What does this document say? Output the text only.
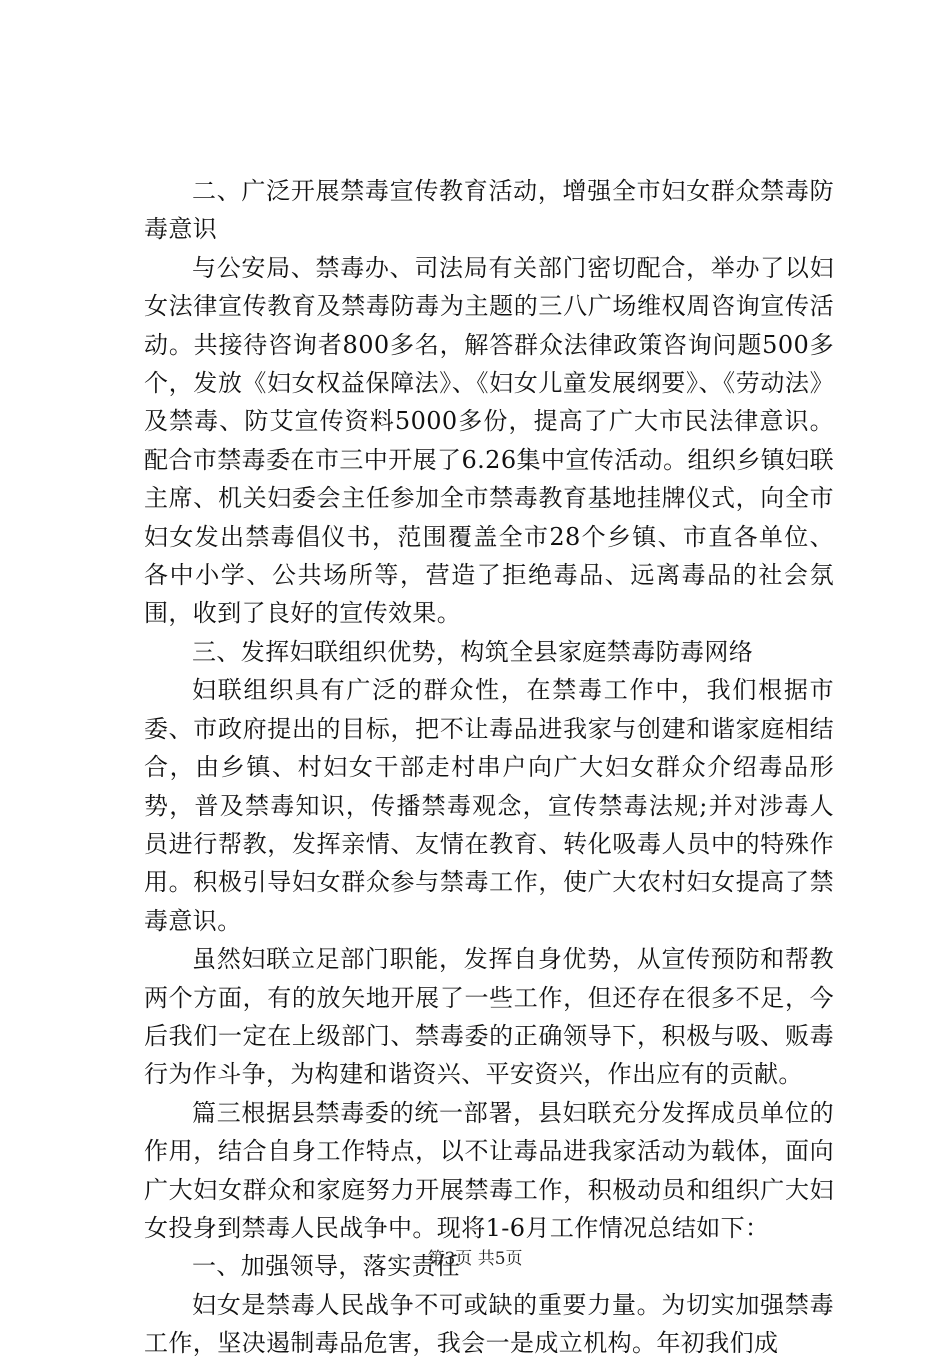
二、广泛开展禁毒宣传教育活动，增强全市妇女群众禁毒防毒意识

与公安局、禁毒办、司法局有关部门密切配合，举办了以妇女法律宣传教育及禁毒防毒为主题的三八广场维权周咨询宣传活动。共接待咨询者800多名，解答群众法律政策咨询问题500多个，发放《妇女权益保障法》、《妇女儿童发展纲要》、《劳动法》及禁毒、防艾宣传资料5000多份，提高了广大市民法律意识。配合市禁毒委在市三中开展了6.26集中宣传活动。组织乡镇妇联主席、机关妇委会主任参加全市禁毒教育基地挂牌仪式，向全市妇女发出禁毒倡仪书，范围覆盖全市28个乡镇、市直各单位、各中小学、公共场所等，营造了拒绝毒品、远离毒品的社会氛围，收到了良好的宣传效果。

三、发挥妇联组织优势，构筑全县家庭禁毒防毒网络

妇联组织具有广泛的群众性，在禁毒工作中，我们根据市委、市政府提出的目标，把不让毒品进我家与创建和谐家庭相结合，由乡镇、村妇女干部走村串户向广大妇女群众介绍毒品形势，普及禁毒知识，传播禁毒观念，宣传禁毒法规;并对涉毒人员进行帮教，发挥亲情、友情在教育、转化吸毒人员中的特殊作用。积极引导妇女群众参与禁毒工作，使广大农村妇女提高了禁毒意识。

虽然妇联立足部门职能，发挥自身优势，从宣传预防和帮教两个方面，有的放矢地开展了一些工作，但还存在很多不足，今后我们一定在上级部门、禁毒委的正确领导下，积极与吸、贩毒行为作斗争，为构建和谐资兴、平安资兴，作出应有的贡献。

篇三根据县禁毒委的统一部署，县妇联充分发挥成员单位的作用，结合自身工作特点，以不让毒品进我家活动为载体，面向广大妇女群众和家庭努力开展禁毒工作，积极动员和组织广大妇女投身到禁毒人民战争中。现将1-6月工作情况总结如下：

一、加强领导，落实责任

妇女是禁毒人民战争不可或缺的重要力量。为切实加强禁毒工作，坚决遏制毒品危害，我会一是成立机构。年初我们成

第3页 共5页
